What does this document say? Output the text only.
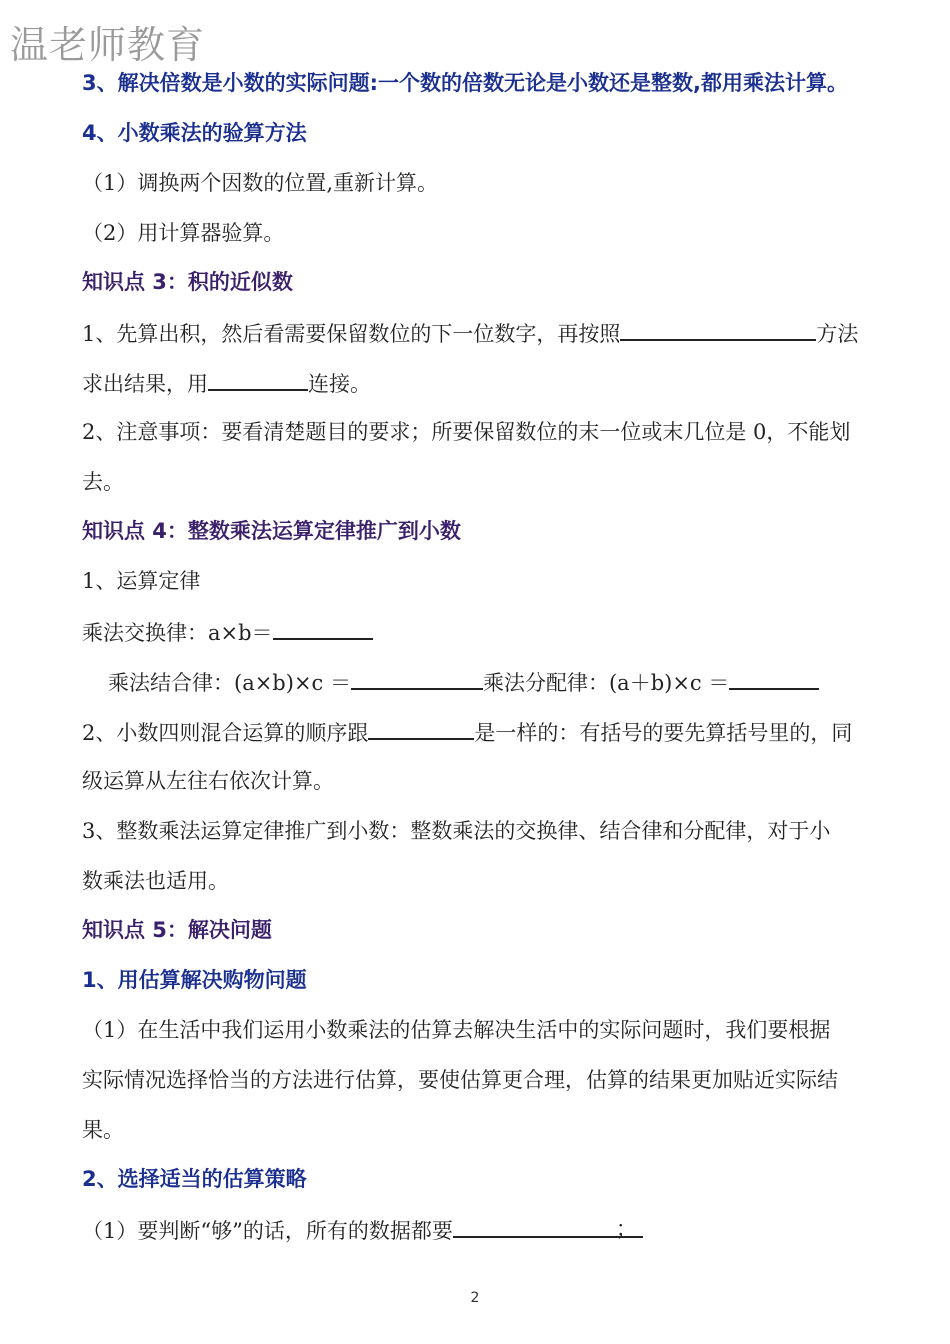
温老师教育
3、解决倍数是小数的实际问题:一个数的倍数无论是小数还是整数,都用乘法计算。
4、小数乘法的验算方法
（1）调换两个因数的位置,重新计算。
（2）用计算器验算。
知识点 3：积的近似数
1、先算出积，然后看需要保留数位的下一位数字，再按照	方法
求出结果，用	连接。
2、注意事项：要看清楚题目的要求；所要保留数位的末一位或末几位是 0，不能划
去。
知识点 4：整数乘法运算定律推广到小数
1、运算定律
乘法交换律：a×b＝
乘法结合律：(a×b)×c ＝	乘法分配律：(a＋b)×c ＝
2、小数四则混合运算的顺序跟	是一样的：有括号的要先算括号里的，同
级运算从左往右依次计算。
3、整数乘法运算定律推广到小数：整数乘法的交换律、结合律和分配律，对于小
数乘法也适用。
知识点 5：解决问题
1、用估算解决购物问题
（1）在生活中我们运用小数乘法的估算去解决生活中的实际问题时，我们要根据
实际情况选择恰当的方法进行估算，要使估算更合理，估算的结果更加贴近实际结
果。
2、选择适当的估算策略
（1）要判断“够”的话，所有的数据都要	；
2
